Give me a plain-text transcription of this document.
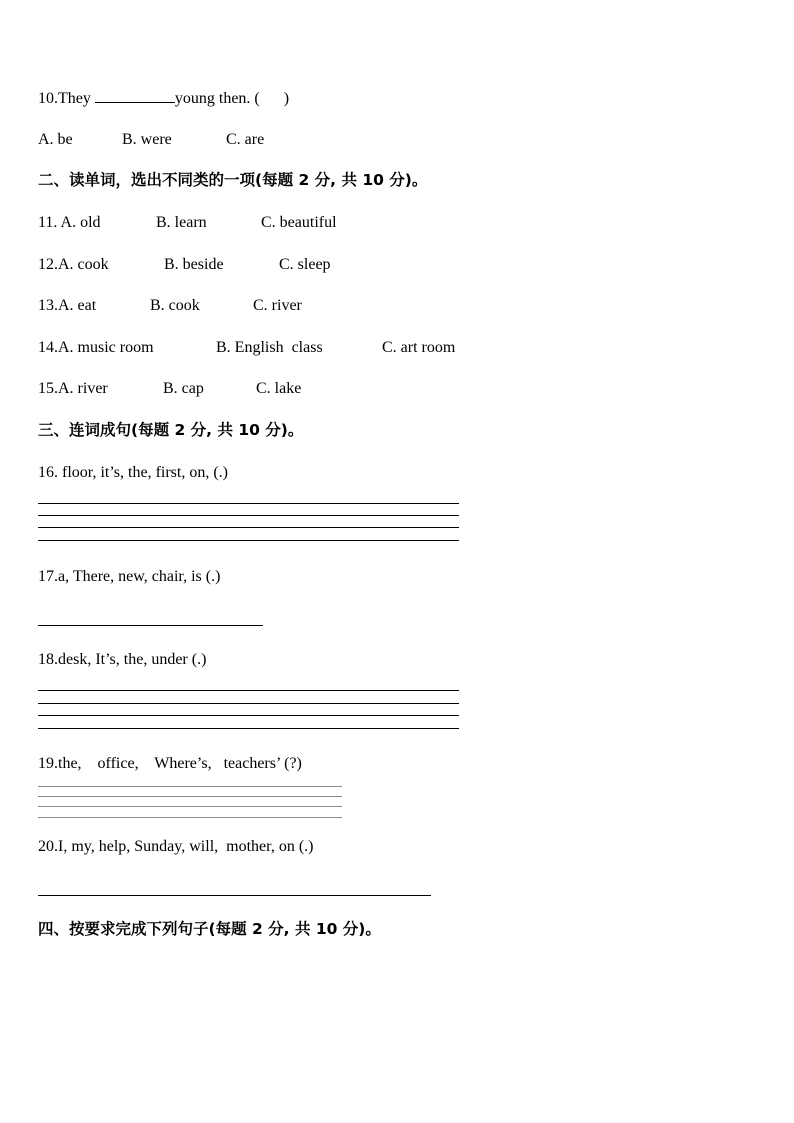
10.They	young then. (      )
A. be	B. were	C. are
二、读单词，选出不同类的一项(每题 2 分, 共 10 分)。
11. A. old	B. learn	C. beautiful
12.A. cook	B. beside	C. sleep
13.A. eat	B. cook	C. river
14.A. music room	B. English  class	C. art room
15.A. river	B. cap	C. lake
三、连词成句(每题 2 分, 共 10 分)。
16. floor, it’s, the, first, on, (.)
17.a, There, new, chair, is (.)
18.desk, It’s, the, under (.)
19.the,    office,    Where’s,   teachers’ (?)
20.I, my, help, Sunday, will,  mother, on (.)
四、按要求完成下列句子(每题 2 分, 共 10 分)。
